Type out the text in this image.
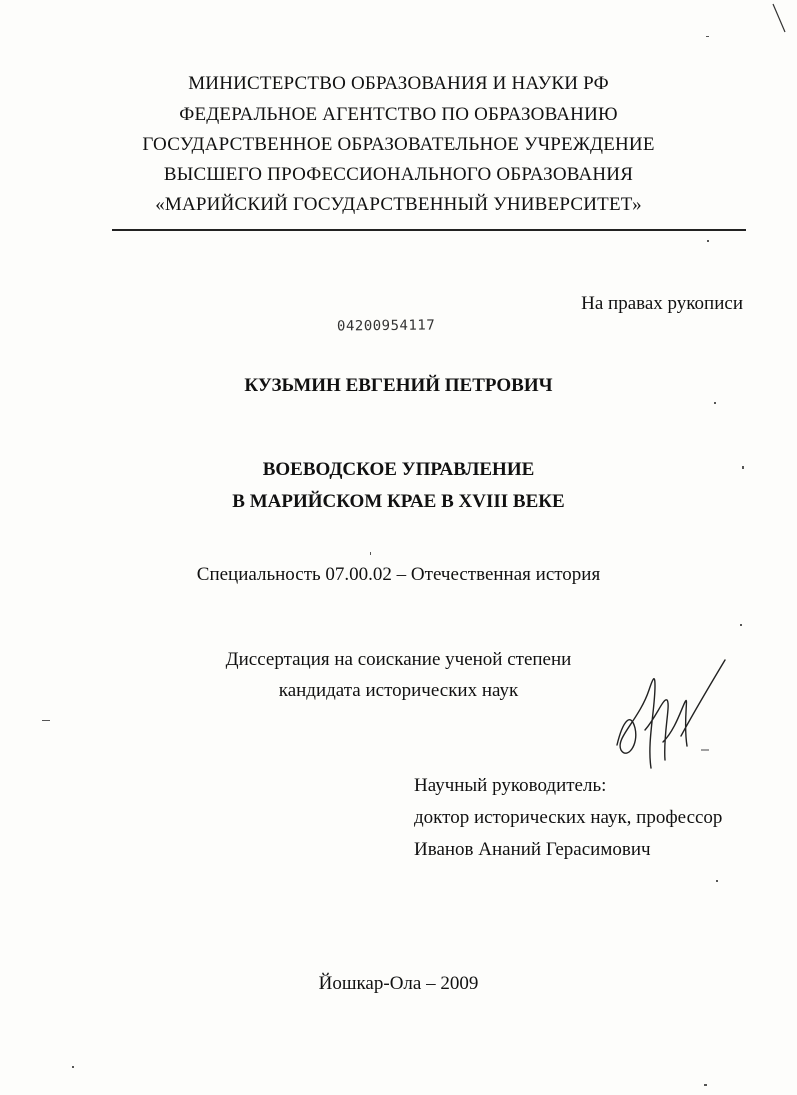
МИНИСТЕРСТВО ОБРАЗОВАНИЯ И НАУКИ РФ
ФЕДЕРАЛЬНОЕ АГЕНТСТВО ПО ОБРАЗОВАНИЮ
ГОСУДАРСТВЕННОЕ ОБРАЗОВАТЕЛЬНОЕ УЧРЕЖДЕНИЕ
ВЫСШЕГО ПРОФЕССИОНАЛЬНОГО ОБРАЗОВАНИЯ
«МАРИЙСКИЙ ГОСУДАРСТВЕННЫЙ УНИВЕРСИТЕТ»
На правах рукописи
04200954117
КУЗЬМИН ЕВГЕНИЙ ПЕТРОВИЧ
ВОЕВОДСКОЕ УПРАВЛЕНИЕ
В МАРИЙСКОМ КРАЕ В XVIII ВЕКЕ
Специальность 07.00.02 – Отечественная история
Диссертация на соискание ученой степени
кандидата исторических наук
Научный руководитель:
доктор исторических наук, профессор
Иванов Ананий Герасимович
Йошкар-Ола – 2009
